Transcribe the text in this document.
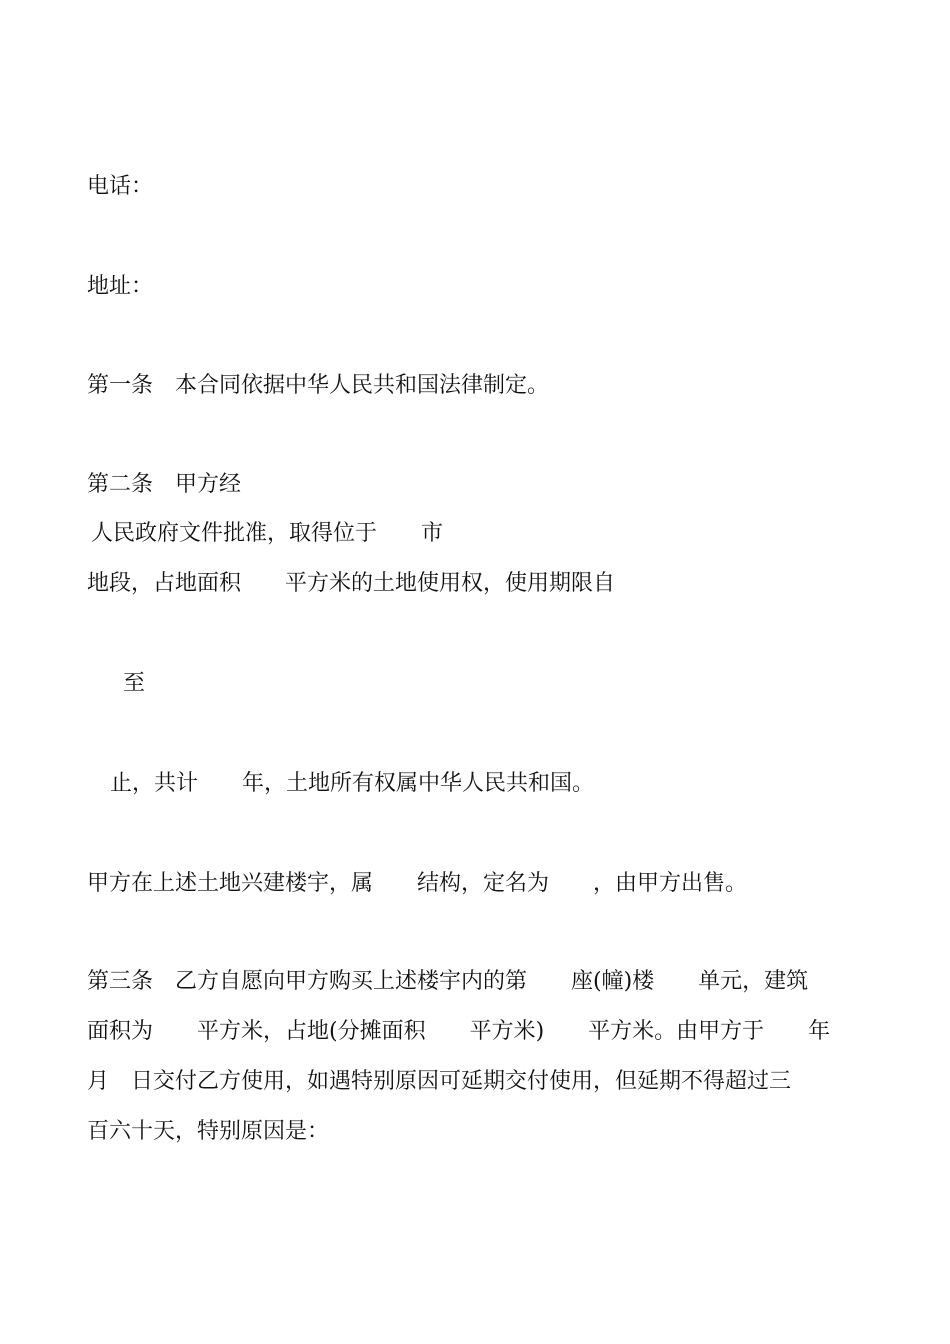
电话：

地址：

第一条　本合同依据中华人民共和国法律制定。

第二条　甲方经

人民政府文件批准，取得位于　　市

地段，占地面积　　平方米的土地使用权，使用期限自

至

止，共计　　年，土地所有权属中华人民共和国。

甲方在上述土地兴建楼宇，属　　结构，定名为　　，由甲方出售。

第三条　乙方自愿向甲方购买上述楼宇内的第　　座(幢)楼　　单元，建筑

面积为　　平方米，占地(分摊面积　　平方米)　　平方米。由甲方于　　年

月　日交付乙方使用，如遇特别原因可延期交付使用，但延期不得超过三

百六十天，特别原因是：
